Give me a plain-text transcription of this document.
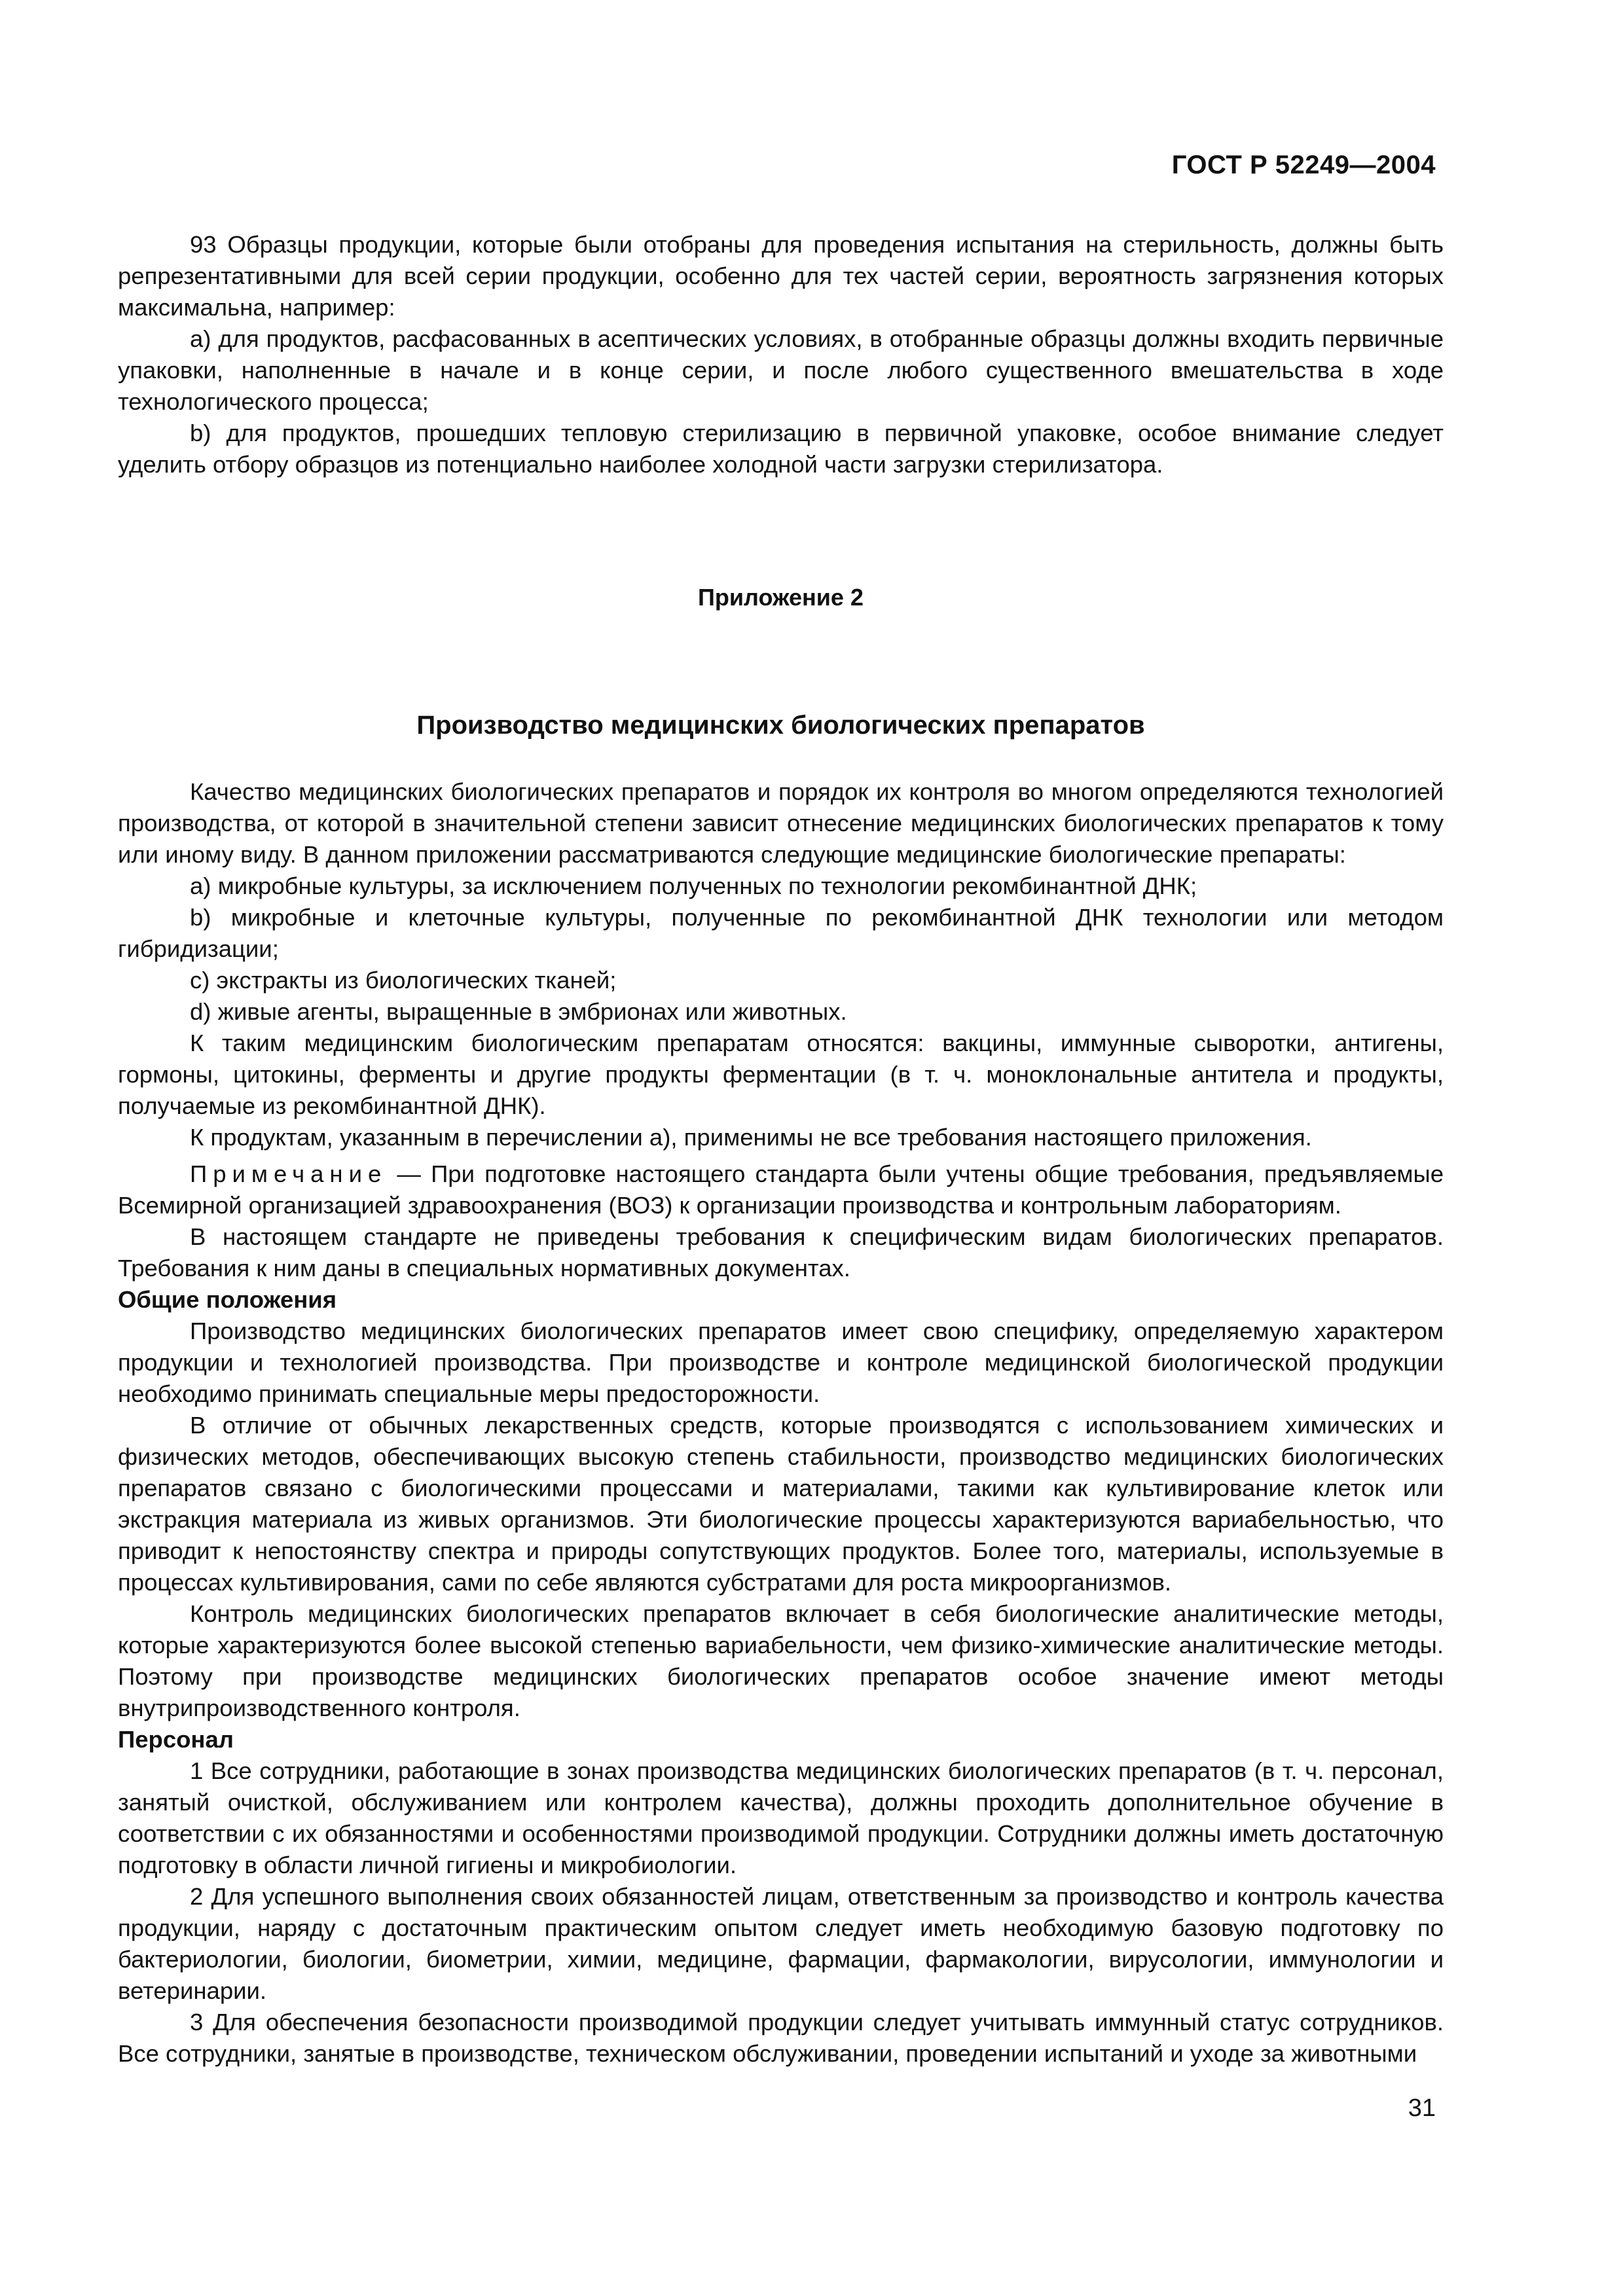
ГОСТ Р 52249—2004

93 Образцы продукции, которые были отобраны для проведения испытания на стерильность, должны быть репрезентативными для всей серии продукции, особенно для тех частей серии, вероятность загрязнения которых максимальна, например:

а) для продуктов, расфасованных в асептических условиях, в отобранные образцы должны входить первичные упаковки, наполненные в начале и в конце серии, и после любого существенного вмешательства в ходе технологического процесса;

b) для продуктов, прошедших тепловую стерилизацию в первичной упаковке, особое внимание следует уделить отбору образцов из потенциально наиболее холодной части загрузки стерилизатора.

Приложение 2
Производство медицинских биологических препаратов

Качество медицинских биологических препаратов и порядок их контроля во многом определяются технологией производства, от которой в значительной степени зависит отнесение медицинских биологических препаратов к тому или иному виду. В данном приложении рассматриваются следующие медицинские биологические препараты:

а) микробные культуры, за исключением полученных по технологии рекомбинантной ДНК;

b) микробные и клеточные культуры, полученные по рекомбинантной ДНК технологии или методом гибридизации;

с) экстракты из биологических тканей;

d) живые агенты, выращенные в эмбрионах или животных.

К таким медицинским биологическим препаратам относятся: вакцины, иммунные сыворотки, антигены, гормоны, цитокины, ферменты и другие продукты ферментации (в т. ч. моноклональные антитела и продукты, получаемые из рекомбинантной ДНК).

К продуктам, указанным в перечислении а), применимы не все требования настоящего приложения.

Примечание — При подготовке настоящего стандарта были учтены общие требования, предъявляемые Всемирной организацией здравоохранения (ВОЗ) к организации производства и контрольным лабораториям.

В настоящем стандарте не приведены требования к специфическим видам биологических препаратов. Требования к ним даны в специальных нормативных документах.

Общие положения

Производство медицинских биологических препаратов имеет свою специфику, определяемую характером продукции и технологией производства. При производстве и контроле медицинской биологической продукции необходимо принимать специальные меры предосторожности.

В отличие от обычных лекарственных средств, которые производятся с использованием химических и физических методов, обеспечивающих высокую степень стабильности, производство медицинских биологических препаратов связано с биологическими процессами и материалами, такими как культивирование клеток или экстракция материала из живых организмов. Эти биологические процессы характеризуются вариабельностью, что приводит к непостоянству спектра и природы сопутствующих продуктов. Более того, материалы, используемые в процессах культивирования, сами по себе являются субстратами для роста микроорганизмов.

Контроль медицинских биологических препаратов включает в себя биологические аналитические методы, которые характеризуются более высокой степенью вариабельности, чем физико-химические аналитические методы. Поэтому при производстве медицинских биологических препаратов особое значение имеют методы внутрипроизводственного контроля.

Персонал

1 Все сотрудники, работающие в зонах производства медицинских биологических препаратов (в т. ч. персонал, занятый очисткой, обслуживанием или контролем качества), должны проходить дополнительное обучение в соответствии с их обязанностями и особенностями производимой продукции. Сотрудники должны иметь достаточную подготовку в области личной гигиены и микробиологии.

2 Для успешного выполнения своих обязанностей лицам, ответственным за производство и контроль качества продукции, наряду с достаточным практическим опытом следует иметь необходимую базовую подготовку по бактериологии, биологии, биометрии, химии, медицине, фармации, фармакологии, вирусологии, иммунологии и ветеринарии.

3 Для обеспечения безопасности производимой продукции следует учитывать иммунный статус сотрудников. Все сотрудники, занятые в производстве, техническом обслуживании, проведении испытаний и уходе за животными

31
